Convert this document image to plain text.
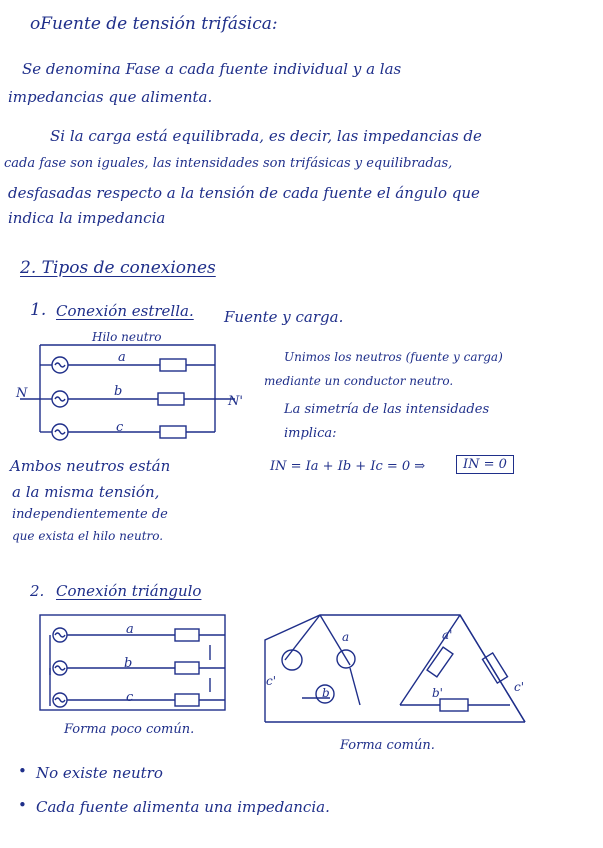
oFuente de tensión trifásica:
Se denomina Fase a cada fuente individual y a las
impedancias que alimenta.
Si la carga está equilibrada, es decir, las impedancias de
cada fase son iguales, las intensidades son trifásicas y equilibradas,
desfasadas respecto a la tensión de cada fuente el ángulo que
indica la impedancia
2. Tipos de conexiones
1. Conexión estrella. Fuente y carga.
Hilo neutro
N
N'
a
b
c
Unimos los neutros (fuente y carga)
mediante un conductor neutro.
La simetría de las intensidades
implica:
IN = Ia + Ib + Ic = 0 ⇒	IN = 0
Ambos neutros están
a la misma tensión,
independientemente de
que exista el hilo neutro.
2. Conexión triángulo
a
b
c
Forma poco común.
a
b
c'
a'
b'	c'
Forma común.
• No existe neutro
• Cada fuente alimenta una impedancia.
